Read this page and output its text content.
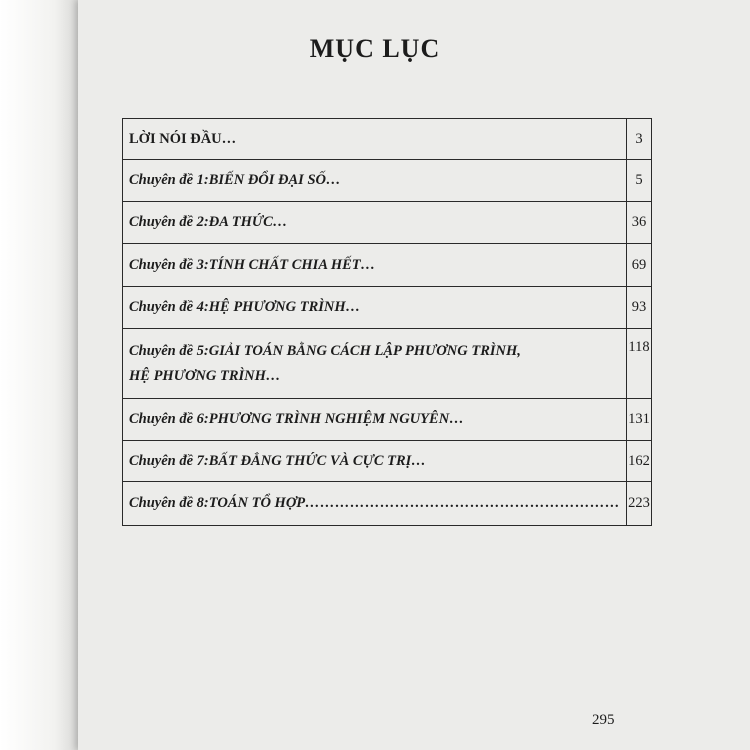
MỤC LỤC
LỜI NÓI ĐẦU …	3

Chuyên đề 1: BIẾN ĐỔI ĐẠI SỐ …	5

Chuyên đề 2: ĐA THỨC …	36

Chuyên đề 3: TÍNH CHẤT CHIA HẾT …	69

Chuyên đề 4: HỆ PHƯƠNG TRÌNH …	93

Chuyên đề 5: GIẢI TOÁN BẰNG CÁCH LẬP PHƯƠNG TRÌNH,
HỆ PHƯƠNG TRÌNH …	118

Chuyên đề 6: PHƯƠNG TRÌNH NGHIỆM NGUYÊN …	131

Chuyên đề 7: BẤT ĐẲNG THỨC VÀ CỰC TRỊ …	162

Chuyên đề 8: TOÁN TỔ HỢP ………………………………………………………	223
295
